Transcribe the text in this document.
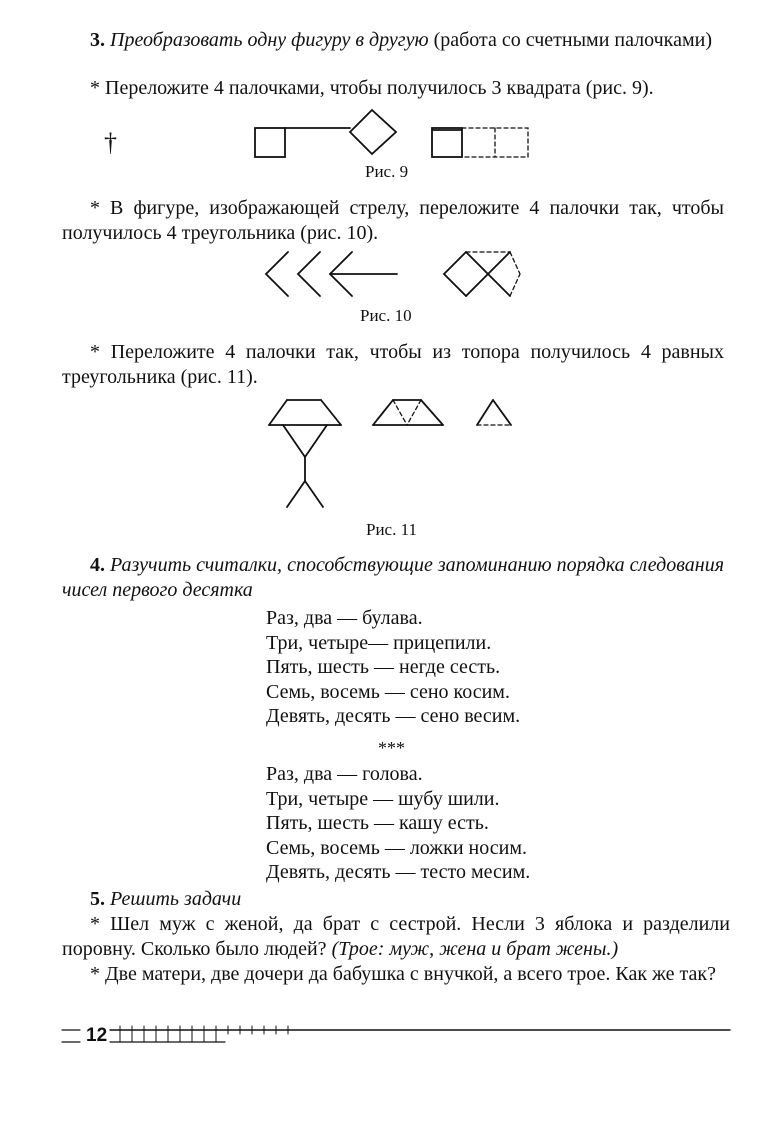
3. Преобразовать одну фигуру в другую (работа со счетными палочками)
* Переложите 4 палочками, чтобы получилось 3 квадрата (рис. 9).
†
Рис. 9
* В фигуре, изображающей стрелу, переложите 4 палочки так, чтобы получилось 4 треугольника (рис. 10).
Рис. 10
* Переложите 4 палочки так, чтобы из топора получилось 4 равных треугольника (рис. 11).
Рис. 11
4. Разучить считалки, способствующие запоминанию порядка следования чисел первого десятка
Раз, два — булава.
Три, четыре— прицепили.
Пять, шесть — негде сесть.
Семь, восемь — сено косим.
Девять, десять — сено весим.
***
Раз, два — голова.
Три, четыре — шубу шили.
Пять, шесть — кашу есть.
Семь, восемь — ложки носим.
Девять, десять — тесто месим.
5. Решить задачи
* Шел муж с женой, да брат с сестрой. Несли 3 яблока и разделили поровну. Сколько было людей? (Трое: муж, жена и брат жены.)
* Две матери, две дочери да бабушка с внучкой, а всего трое. Как же так?
12
